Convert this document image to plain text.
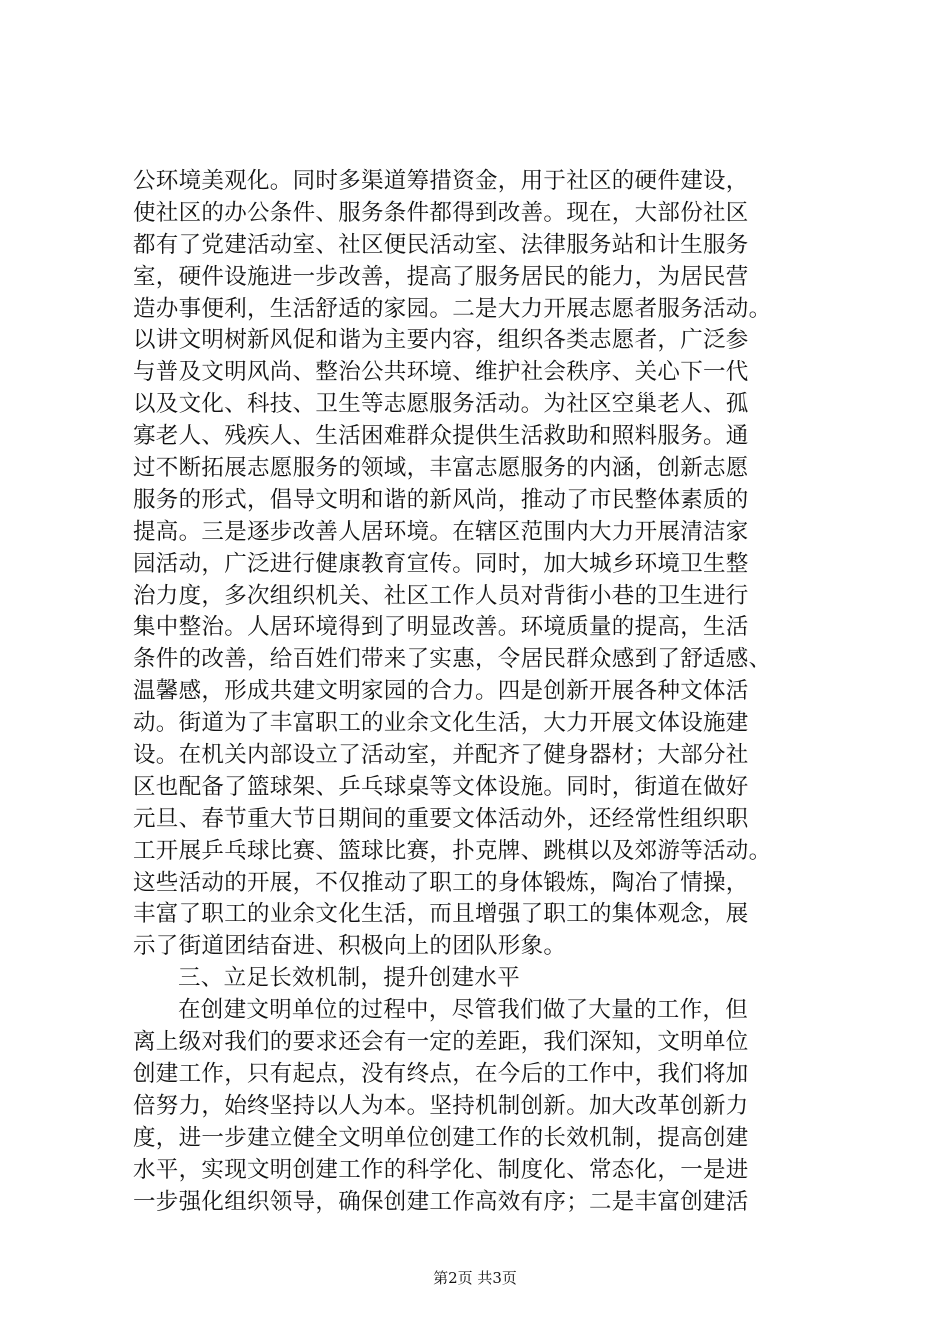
公环境美观化。同时多渠道筹措资金，用于社区的硬件建设，
使社区的办公条件、服务条件都得到改善。现在，大部份社区
都有了党建活动室、社区便民活动室、法律服务站和计生服务
室，硬件设施进一步改善，提高了服务居民的能力，为居民营
造办事便利，生活舒适的家园。二是大力开展志愿者服务活动。
以讲文明树新风促和谐为主要内容，组织各类志愿者，广泛参
与普及文明风尚、整治公共环境、维护社会秩序、关心下一代
以及文化、科技、卫生等志愿服务活动。为社区空巢老人、孤
寡老人、残疾人、生活困难群众提供生活救助和照料服务。通
过不断拓展志愿服务的领域，丰富志愿服务的内涵，创新志愿
服务的形式，倡导文明和谐的新风尚，推动了市民整体素质的
提高。三是逐步改善人居环境。在辖区范围内大力开展清洁家
园活动，广泛进行健康教育宣传。同时，加大城乡环境卫生整
治力度，多次组织机关、社区工作人员对背街小巷的卫生进行
集中整治。人居环境得到了明显改善。环境质量的提高，生活
条件的改善，给百姓们带来了实惠，令居民群众感到了舒适感、
温馨感，形成共建文明家园的合力。四是创新开展各种文体活
动。街道为了丰富职工的业余文化生活，大力开展文体设施建
设。在机关内部设立了活动室，并配齐了健身器材；大部分社
区也配备了篮球架、乒乓球桌等文体设施。同时，街道在做好
元旦、春节重大节日期间的重要文体活动外，还经常性组织职
工开展乒乓球比赛、篮球比赛，扑克牌、跳棋以及郊游等活动。
这些活动的开展，不仅推动了职工的身体锻炼，陶冶了情操，
丰富了职工的业余文化生活，而且增强了职工的集体观念，展
示了街道团结奋进、积极向上的团队形象。
三、立足长效机制，提升创建水平
在创建文明单位的过程中，尽管我们做了大量的工作，但
离上级对我们的要求还会有一定的差距，我们深知，文明单位
创建工作，只有起点，没有终点，在今后的工作中，我们将加
倍努力，始终坚持以人为本。坚持机制创新。加大改革创新力
度，进一步建立健全文明单位创建工作的长效机制，提高创建
水平，实现文明创建工作的科学化、制度化、常态化，一是进
一步强化组织领导，确保创建工作高效有序；二是丰富创建活
第2页 共3页
